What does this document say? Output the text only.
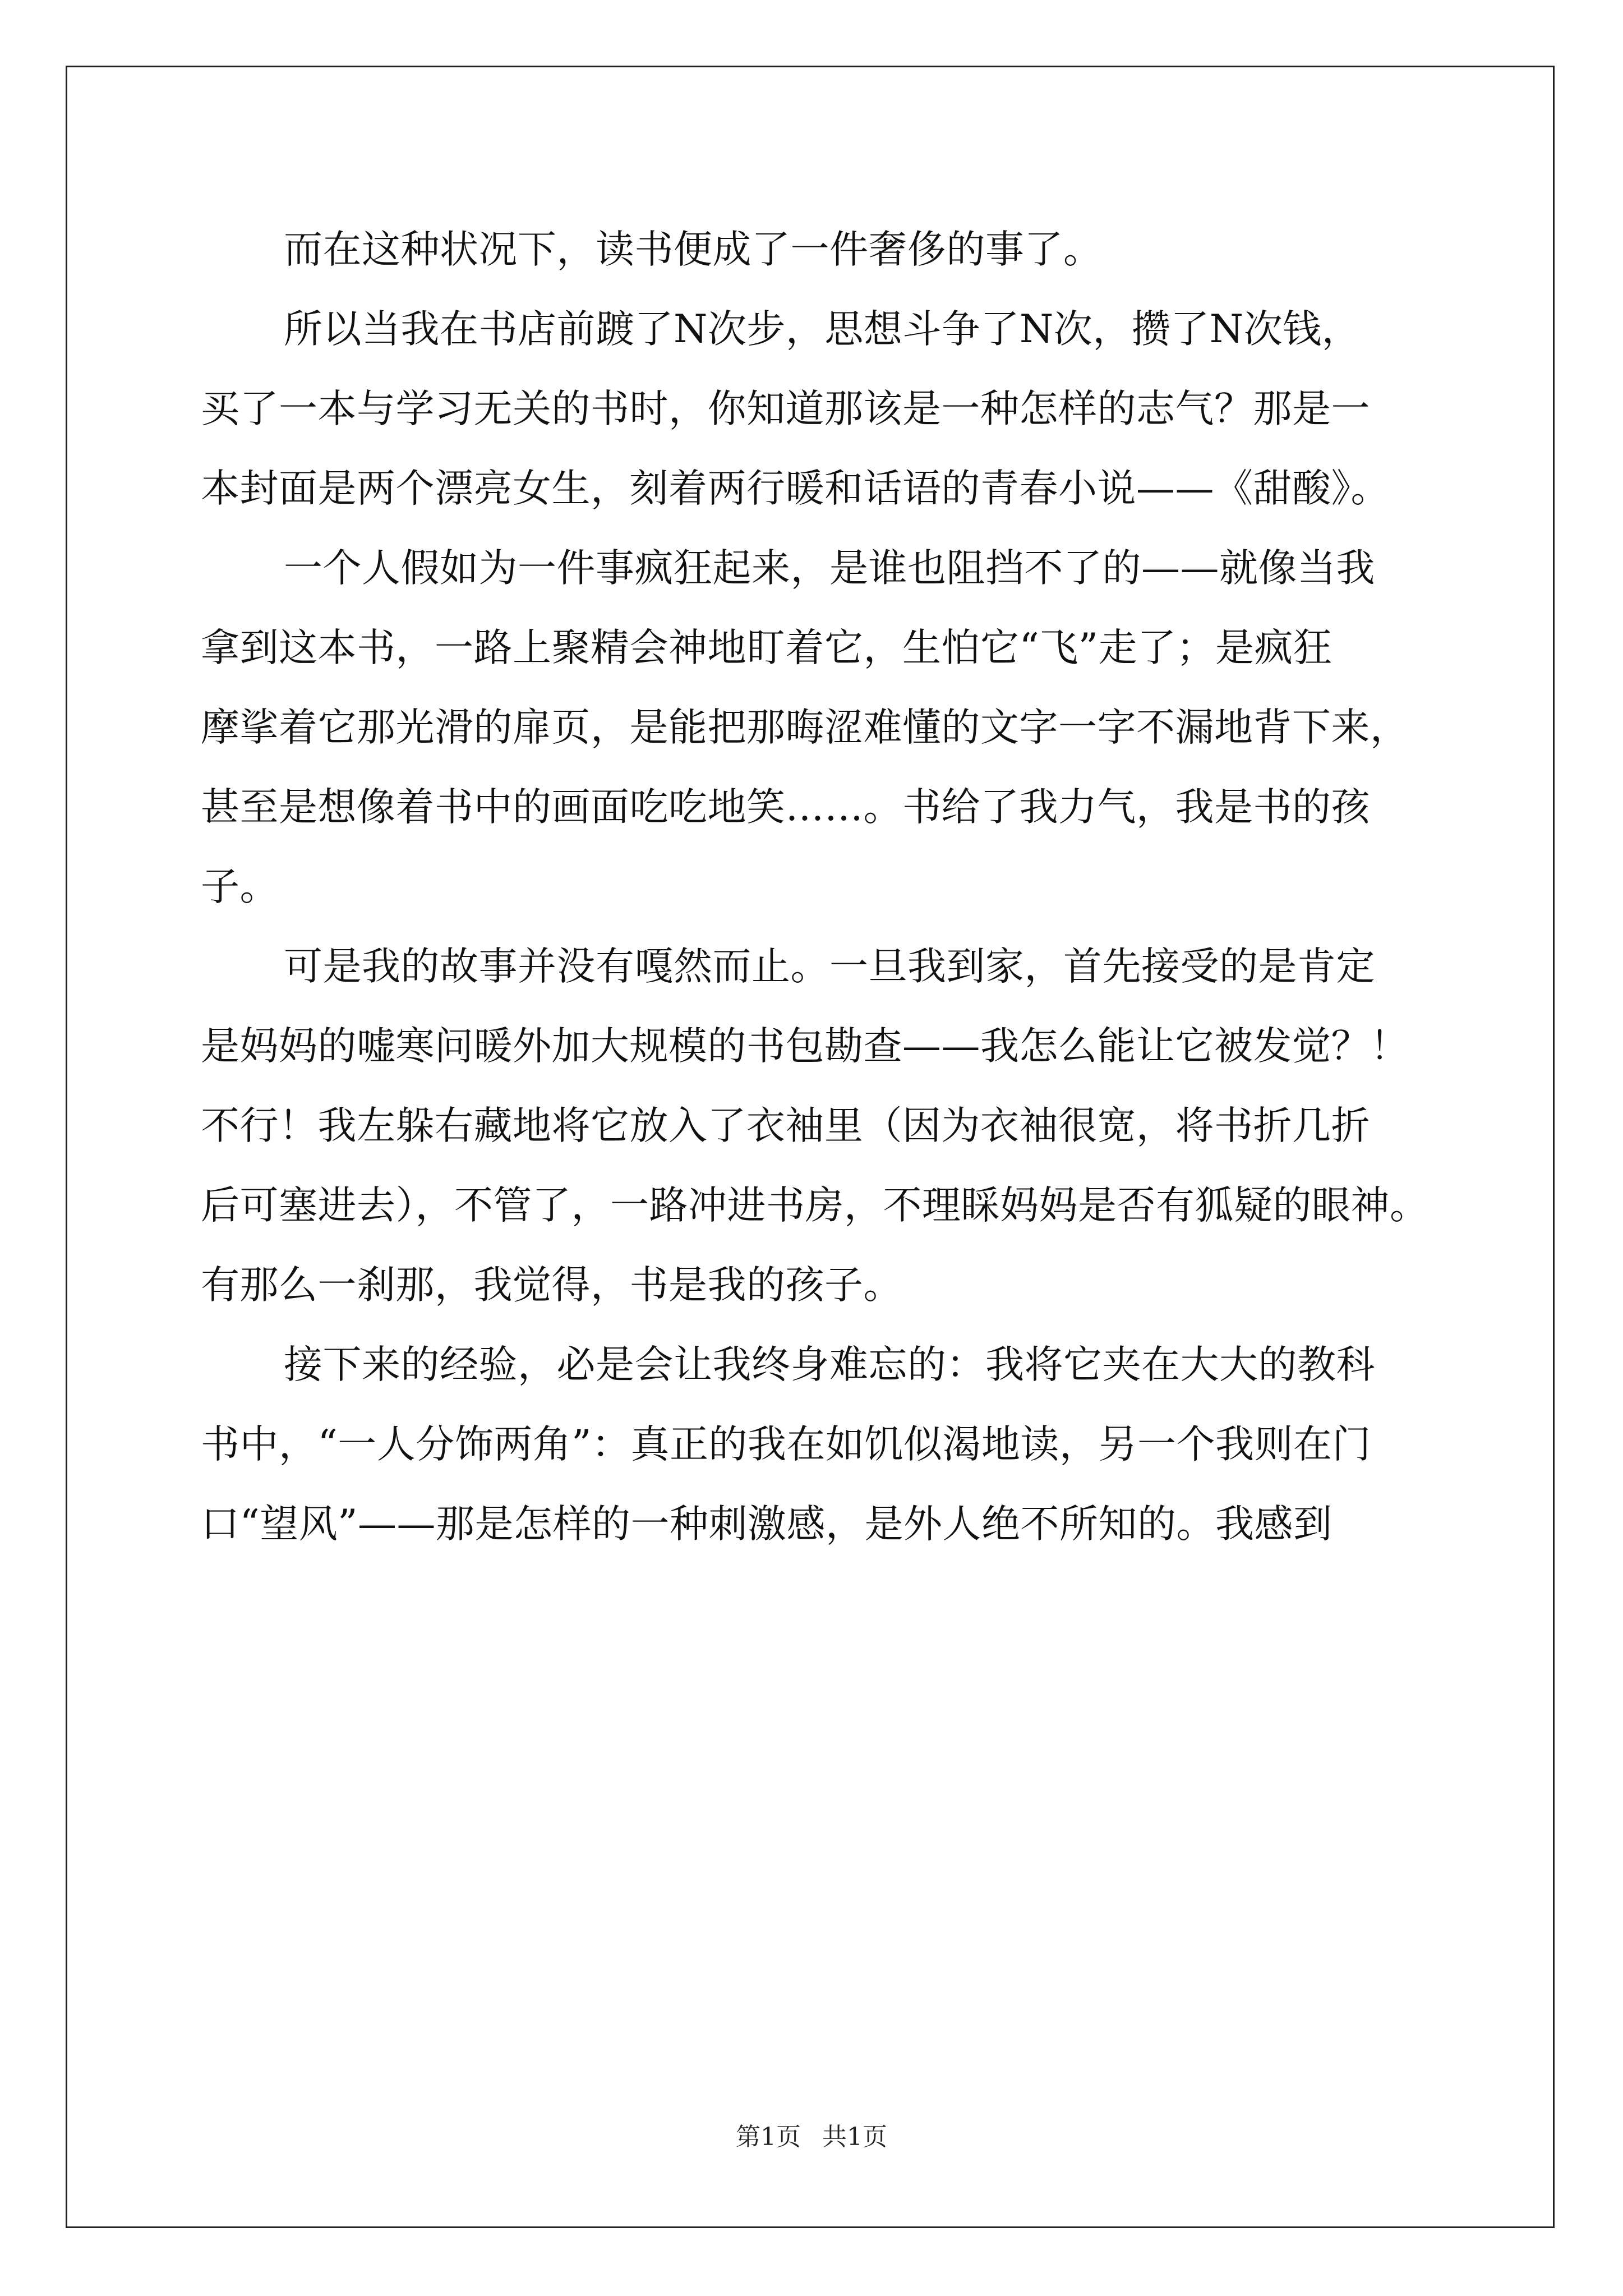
而在这种状况下，读书便成了一件奢侈的事了。
所以当我在书店前踱了N次步，思想斗争了N次，攒了N次钱，
买了一本与学习无关的书时，你知道那该是一种怎样的志气？那是一
本封面是两个漂亮女生，刻着两行暖和话语的青春小说——《甜酸》。
一个人假如为一件事疯狂起来，是谁也阻挡不了的——就像当我
拿到这本书，一路上聚精会神地盯着它，生怕它“飞”走了；是疯狂
摩挲着它那光滑的扉页，是能把那晦涩难懂的文字一字不漏地背下来，
甚至是想像着书中的画面吃吃地笑……。书给了我力气，我是书的孩
子。
可是我的故事并没有嘎然而止。一旦我到家，首先接受的是肯定
是妈妈的嘘寒问暖外加大规模的书包勘查——我怎么能让它被发觉？！
不行！我左躲右藏地将它放入了衣袖里（因为衣袖很宽，将书折几折
后可塞进去），不管了，一路冲进书房，不理睬妈妈是否有狐疑的眼神。
有那么一刹那，我觉得，书是我的孩子。
接下来的经验，必是会让我终身难忘的：我将它夹在大大的教科
书中，“一人分饰两角”：真正的我在如饥似渴地读，另一个我则在门
口“望风”——那是怎样的一种刺激感，是外人绝不所知的。我感到
第1页 共1页
